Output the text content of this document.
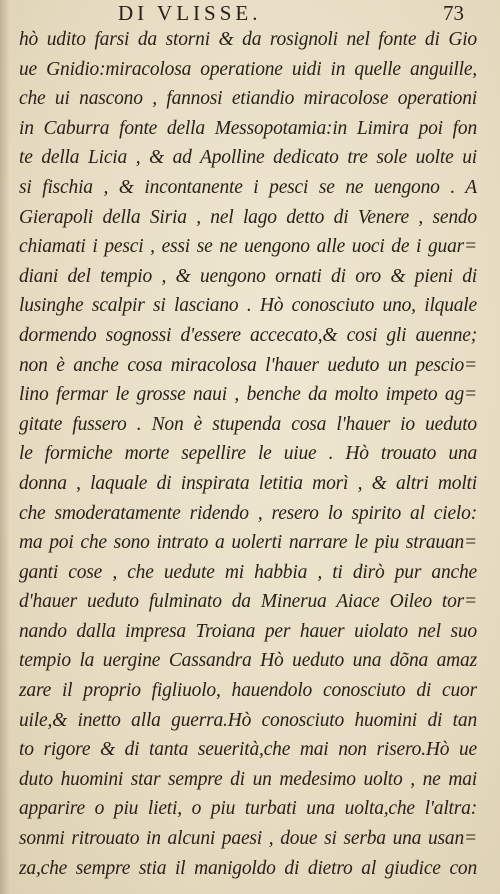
DI VLISSE.	73
hò udito farsi da storni & da rosignoli nel fonte di Gio
ue Gnidio:miracolosa operatione uidi in quelle anguille,
che ui nascono , fannosi etiandio miracolose operationi
in Caburra fonte della Messopotamia:in Limira poi fon
te della Licia , & ad Apolline dedicato tre sole uolte ui
si fischia , & incontanente i pesci se ne uengono . A
Gierapoli della Siria , nel lago detto di Venere , sendo
chiamati i pesci , essi se ne uengono alle uoci de i guar=
diani del tempio , & uengono ornati di oro & pieni di
lusinghe scalpir si lasciano . Hò conosciuto uno, ilquale
dormendo sognossi d'essere accecato,& cosi gli auenne;
non è anche cosa miracolosa l'hauer ueduto un pescio=
lino fermar le grosse naui , benche da molto impeto ag=
gitate fussero . Non è stupenda cosa l'hauer io ueduto
le formiche morte sepellire le uiue . Hò trouato una
donna , laquale di inspirata letitia morì , & altri molti
che smoderatamente ridendo , resero lo spirito al cielo:
ma poi che sono intrato a uolerti narrare le piu strauan=
ganti cose , che uedute mi habbia , ti dirò pur anche
d'hauer ueduto fulminato da Minerua Aiace Oileo tor=
nando dalla impresa Troiana per hauer uiolato nel suo
tempio la uergine Cassandra Hò ueduto una dõna amaz
zare il proprio figliuolo, hauendolo conosciuto di cuor
uile,& inetto alla guerra.Hò conosciuto huomini di tan
to rigore & di tanta seuerità,che mai non risero.Hò ue
duto huomini star sempre di un medesimo uolto , ne mai
apparire o piu lieti, o piu turbati una uolta,che l'altra:
sonmi ritrouato in alcuni paesi , doue si serba una usan=
za,che sempre stia il manigoldo di dietro al giudice con
